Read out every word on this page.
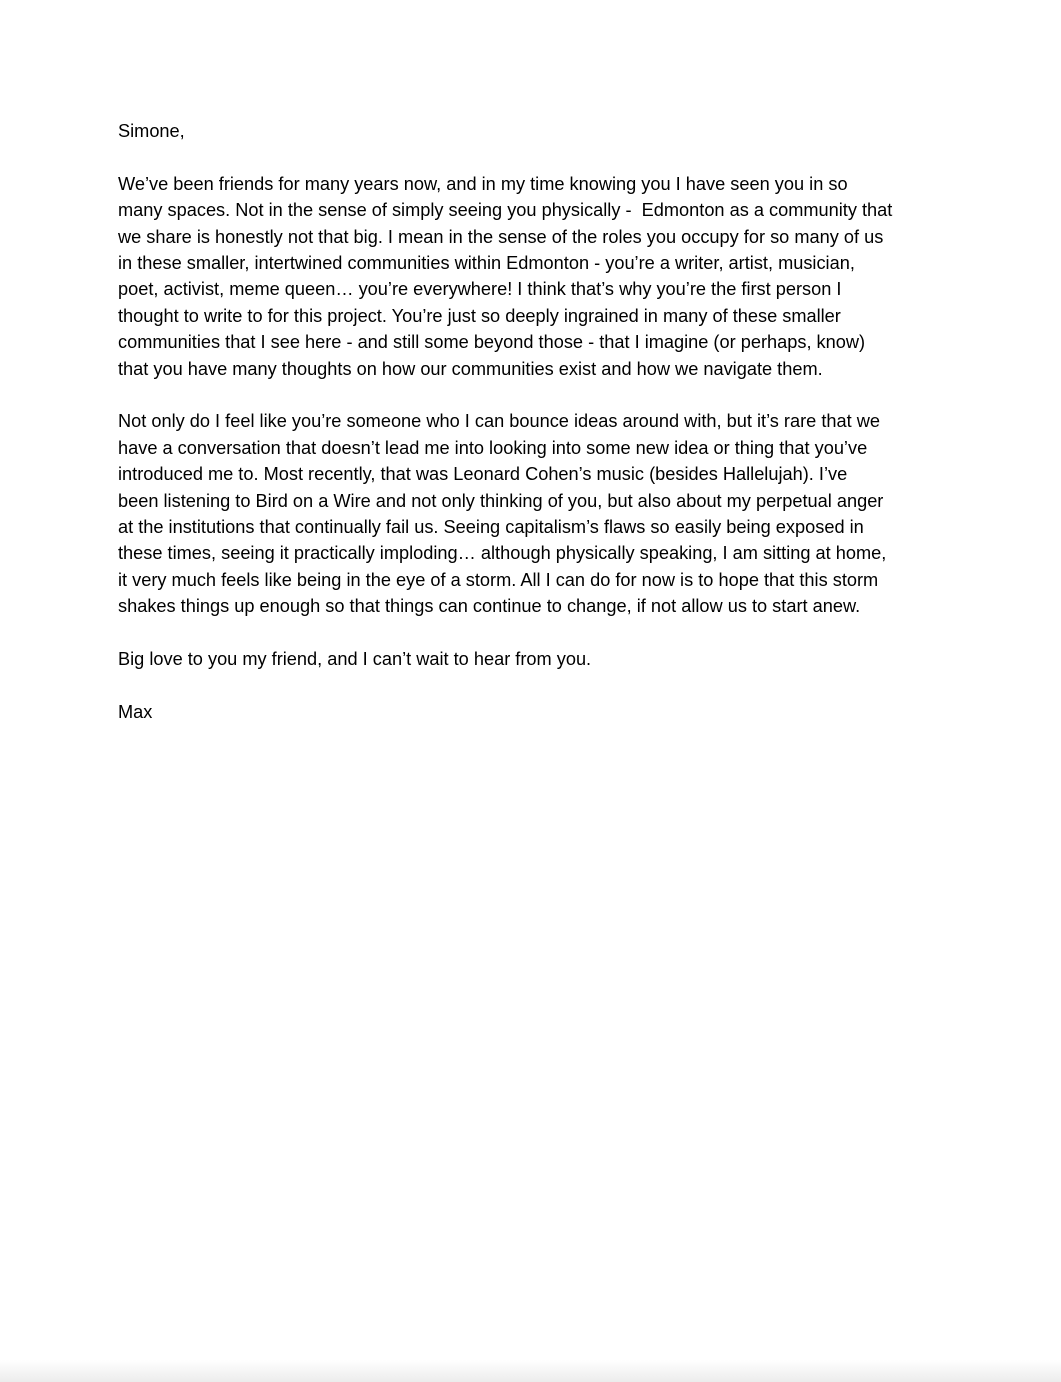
Simone,

We’ve been friends for many years now, and in my time knowing you I have seen you in so
many spaces. Not in the sense of simply seeing you physically -  Edmonton as a community that
we share is honestly not that big. I mean in the sense of the roles you occupy for so many of us
in these smaller, intertwined communities within Edmonton - you’re a writer, artist, musician,
poet, activist, meme queen… you’re everywhere! I think that’s why you’re the first person I
thought to write to for this project. You’re just so deeply ingrained in many of these smaller
communities that I see here - and still some beyond those - that I imagine (or perhaps, know)
that you have many thoughts on how our communities exist and how we navigate them.

Not only do I feel like you’re someone who I can bounce ideas around with, but it’s rare that we
have a conversation that doesn’t lead me into looking into some new idea or thing that you’ve
introduced me to. Most recently, that was Leonard Cohen’s music (besides Hallelujah). I’ve
been listening to Bird on a Wire and not only thinking of you, but also about my perpetual anger
at the institutions that continually fail us. Seeing capitalism’s flaws so easily being exposed in
these times, seeing it practically imploding… although physically speaking, I am sitting at home,
it very much feels like being in the eye of a storm. All I can do for now is to hope that this storm
shakes things up enough so that things can continue to change, if not allow us to start anew.

Big love to you my friend, and I can’t wait to hear from you.

Max
